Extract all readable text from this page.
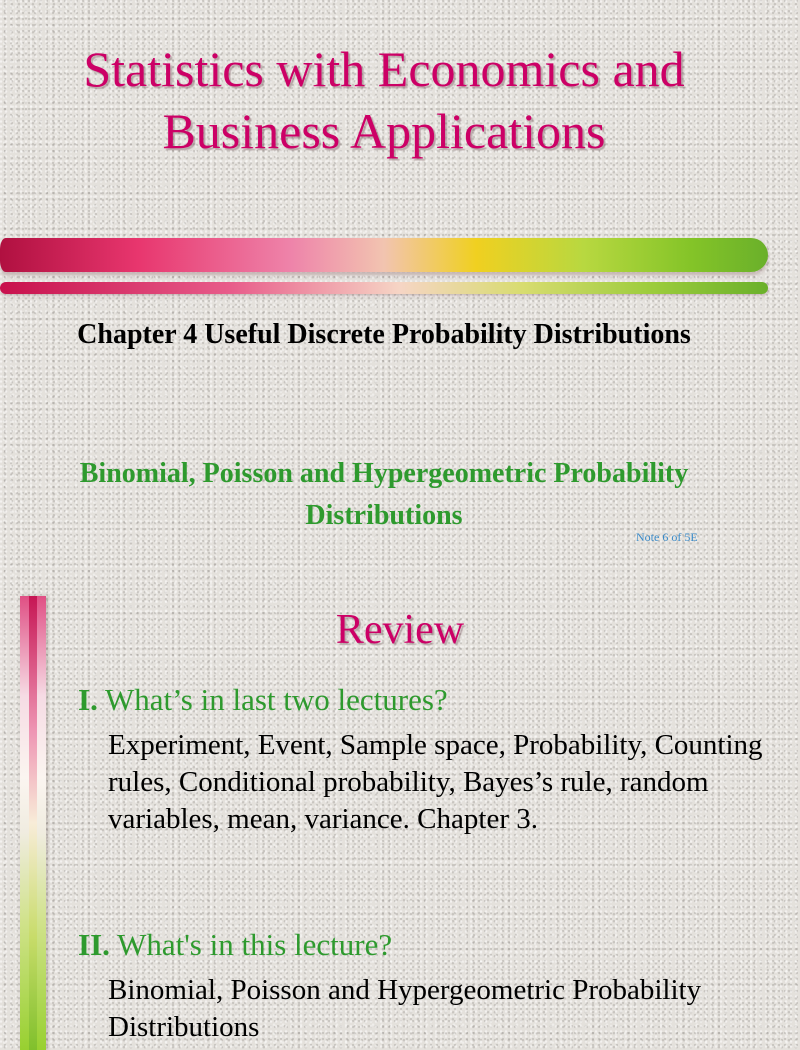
Statistics with Economics and Business Applications
Chapter 4 Useful Discrete Probability Distributions
Binomial, Poisson and Hypergeometric Probability Distributions
Note 6 of 5E
Review
I. What’s in last two lectures?
Experiment, Event, Sample space, Probability, Counting rules, Conditional probability, Bayes’s rule, random variables, mean, variance. Chapter 3.
II. What's in this lecture?
Binomial, Poisson and Hypergeometric Probability Distributions
